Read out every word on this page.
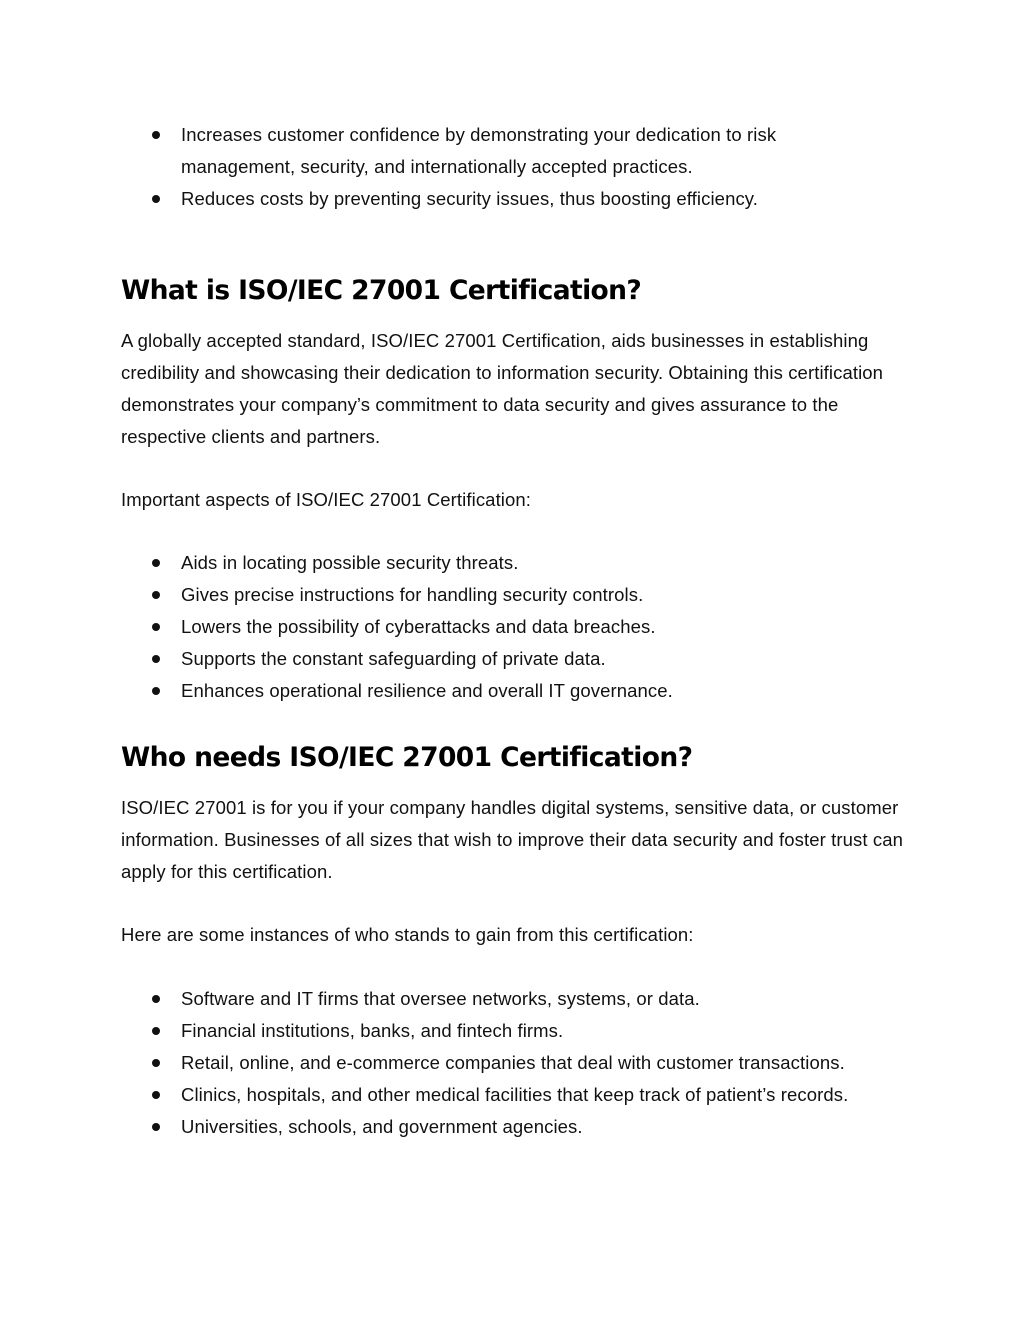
Increases customer confidence by demonstrating your dedication to risk management, security, and internationally accepted practices.
Reduces costs by preventing security issues, thus boosting efficiency.
What is ISO/IEC 27001 Certification?

A globally accepted standard, ISO/IEC 27001 Certification, aids businesses in establishing credibility and showcasing their dedication to information security. Obtaining this certification demonstrates your company’s commitment to data security and gives assurance to the respective clients and partners.

Important aspects of ISO/IEC 27001 Certification:

Aids in locating possible security threats.
Gives precise instructions for handling security controls.
Lowers the possibility of cyberattacks and data breaches.
Supports the constant safeguarding of private data.
Enhances operational resilience and overall IT governance.
Who needs ISO/IEC 27001 Certification?

ISO/IEC 27001 is for you if your company handles digital systems, sensitive data, or customer information. Businesses of all sizes that wish to improve their data security and foster trust can apply for this certification.

Here are some instances of who stands to gain from this certification:

Software and IT firms that oversee networks, systems, or data.
Financial institutions, banks, and fintech firms.
Retail, online, and e-commerce companies that deal with customer transactions.
Clinics, hospitals, and other medical facilities that keep track of patient’s records.
Universities, schools, and government agencies.
